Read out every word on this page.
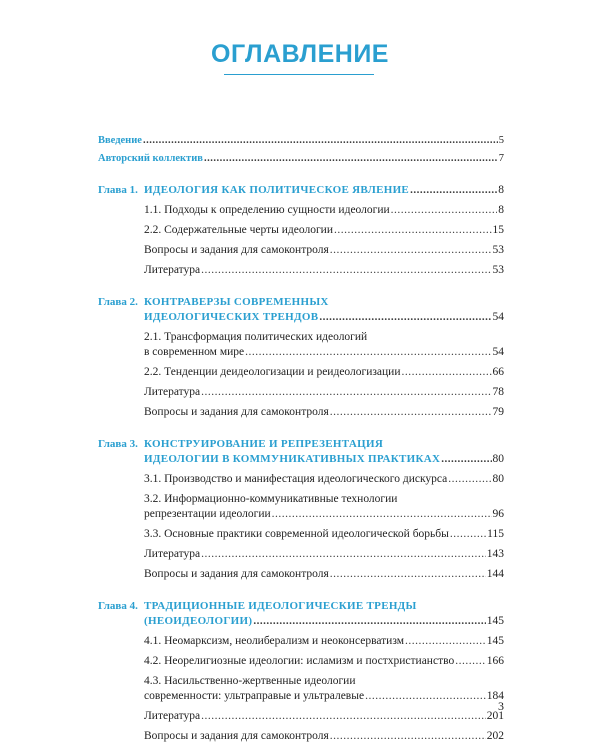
ОГЛАВЛЕНИЕ
Введение .....	5
Авторский коллектив .....	7
Глава 1. ИДЕОЛОГИЯ КАК ПОЛИТИЧЕСКОЕ ЯВЛЕНИЕ .....	8
1.1. Подходы к определению сущности идеологии .....	8
2.2. Содержательные черты идеологии .....	15
Вопросы и задания для самоконтроля .....	53
Литература .....	53
Глава 2. КОНТРАВЕРЗЫ СОВРЕМЕННЫХ
ИДЕОЛОГИЧЕСКИХ ТРЕНДОВ .....	54
2.1. Трансформация политических идеологий
в современном мире .....	54
2.2. Тенденции деидеологизации и реидеологизации .....	66
Литература .....	78
Вопросы и задания для самоконтроля .....	79
Глава 3. КОНСТРУИРОВАНИЕ И РЕПРЕЗЕНТАЦИЯ
ИДЕОЛОГИИ В КОММУНИКАТИВНЫХ ПРАКТИКАХ .....	80
3.1. Производство и манифестация идеологического дискурса .....	80
3.2. Информационно-коммуникативные технологии
репрезентации идеологии .....	96
3.3. Основные практики современной идеологической борьбы .....	115
Литература .....	143
Вопросы и задания для самоконтроля .....	144
Глава 4. ТРАДИЦИОННЫЕ ИДЕОЛОГИЧЕСКИЕ ТРЕНДЫ
(НЕОИДЕОЛОГИИ) .....	145
4.1. Неомарксизм, неолиберализм и неоконсерватизм .....	145
4.2. Неорелигиозные идеологии: исламизм и постхристианство .....	166
4.3. Насильственно-жертвенные идеологии
современности: ультраправые и ультралевые .....	184
Литература .....	201
Вопросы и задания для самоконтроля .....	202
3
